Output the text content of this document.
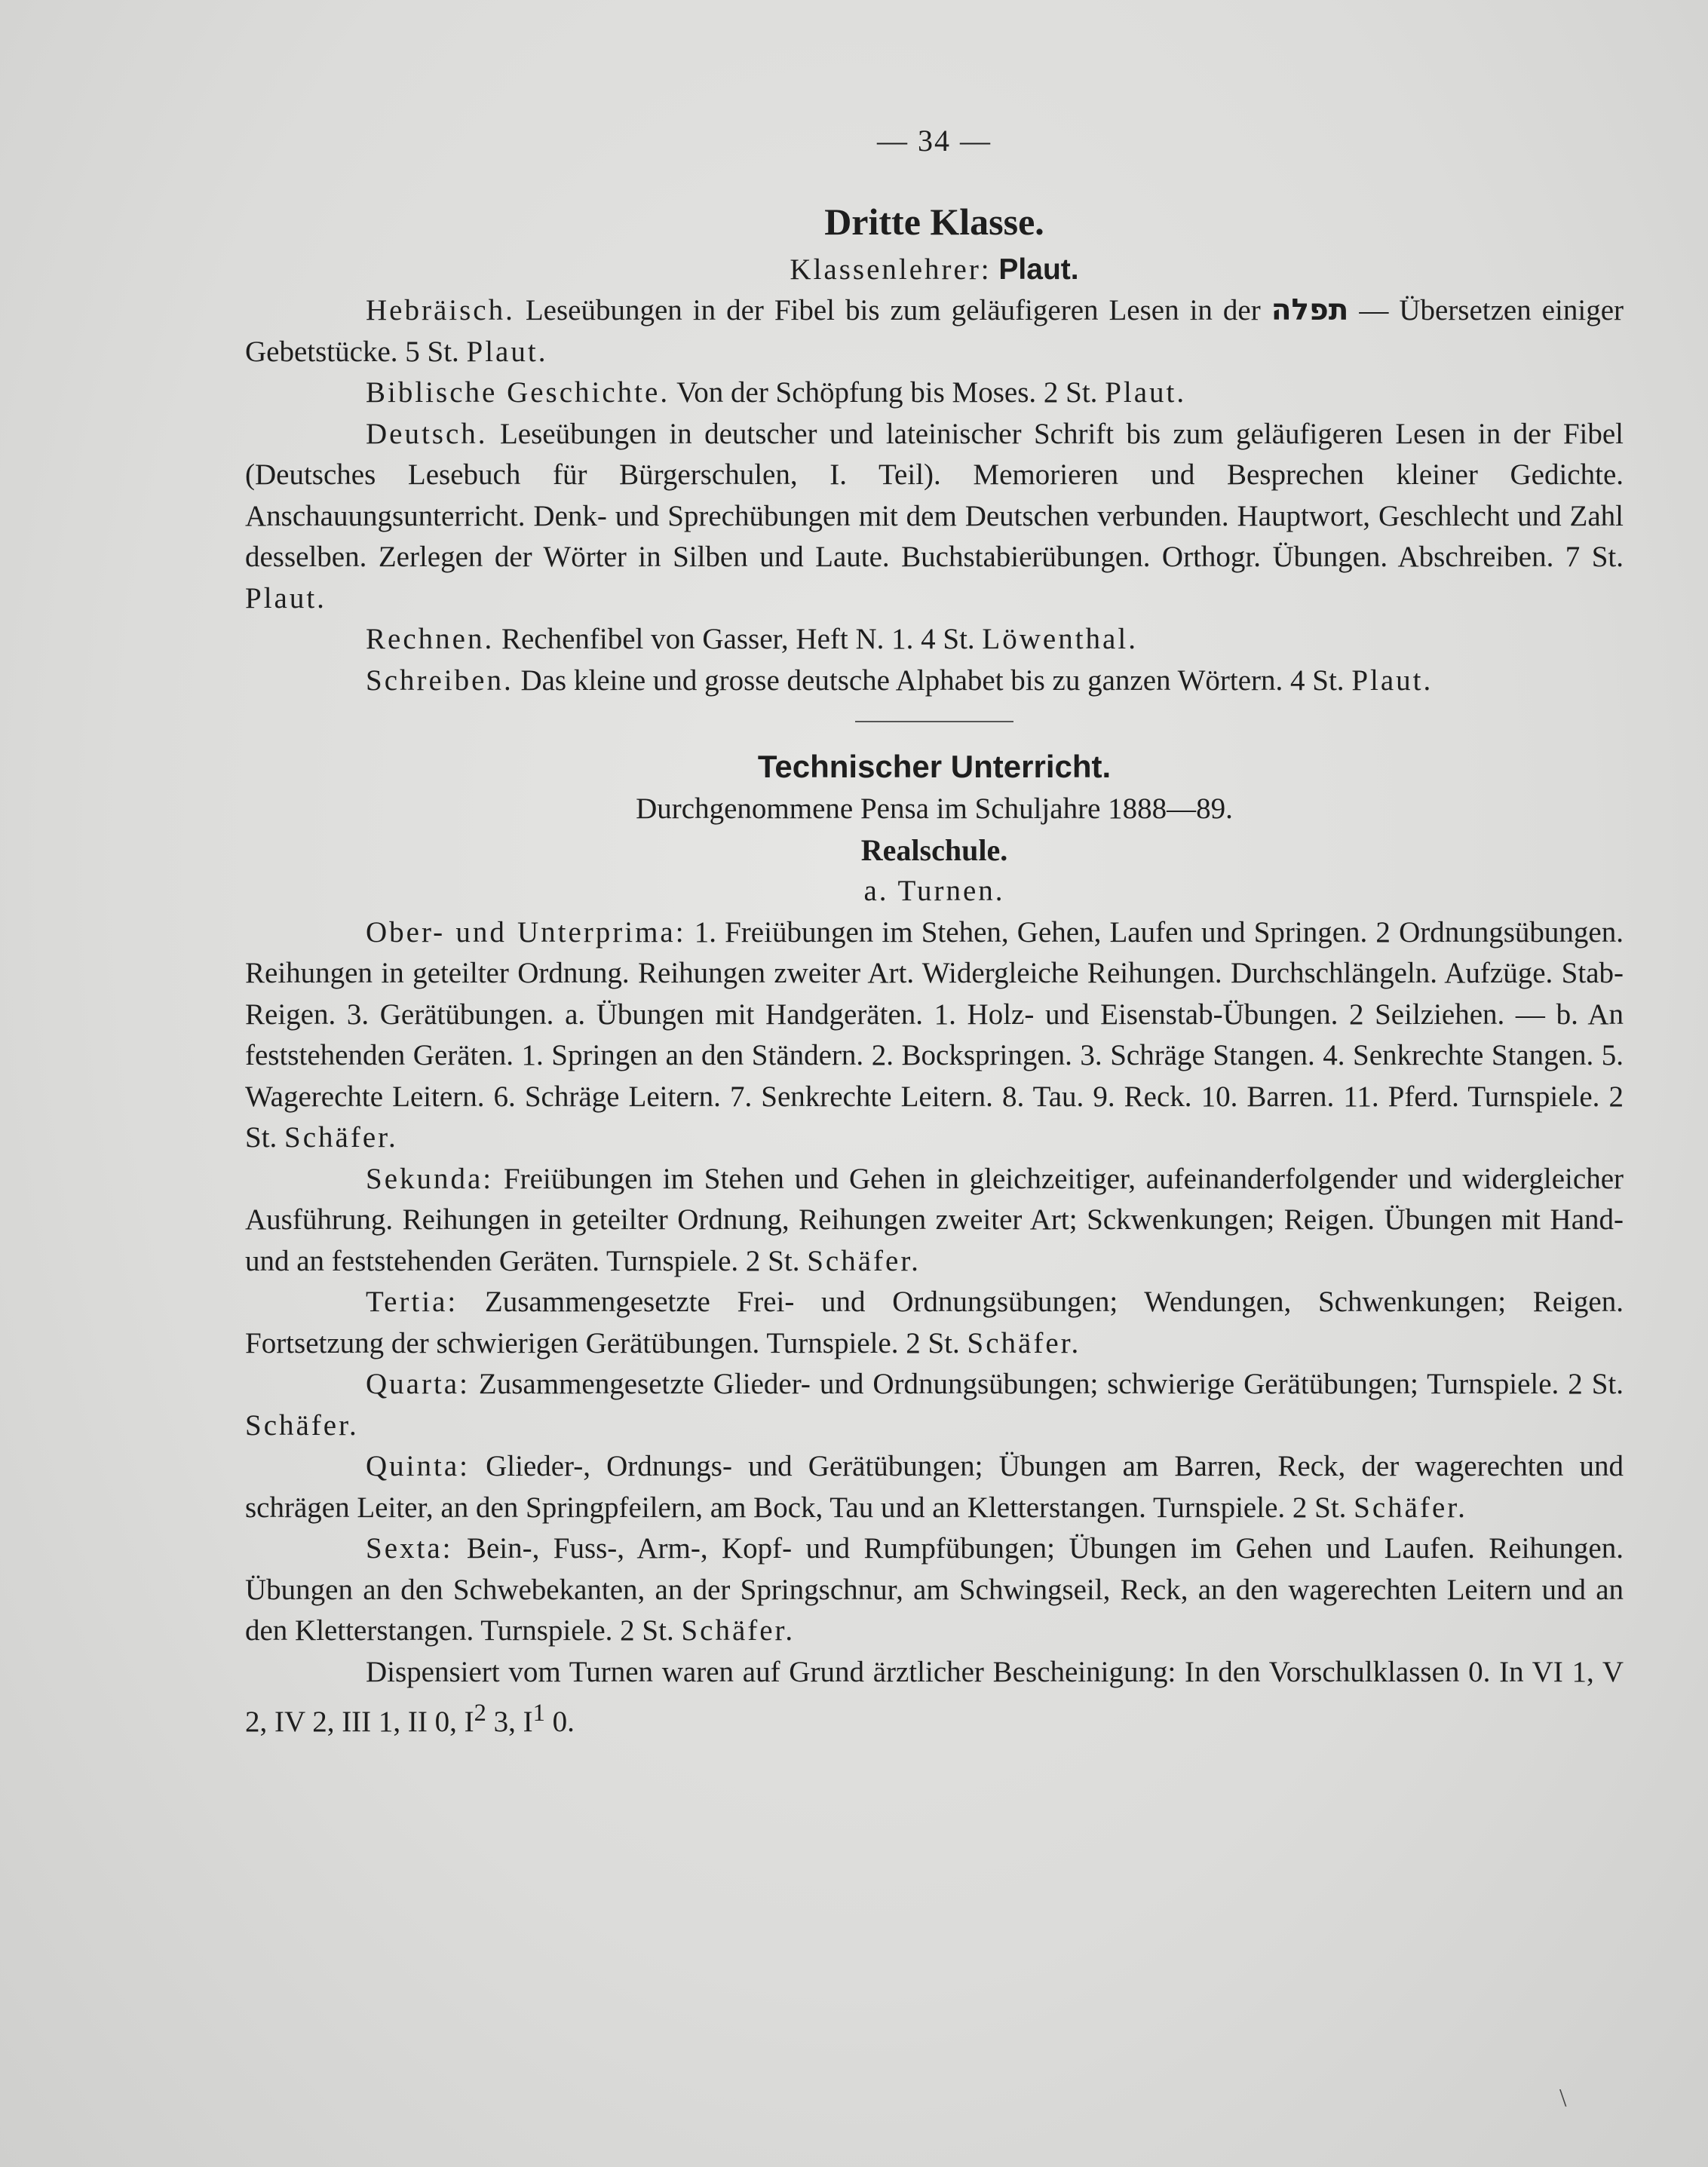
— 34 —
Dritte Klasse.
Klassenlehrer: Plaut.

Hebräisch. Leseübungen in der Fibel bis zum geläufigeren Lesen in der תפלה — Übersetzen einiger Gebetstücke. 5 St. Plaut.

Biblische Geschichte. Von der Schöpfung bis Moses. 2 St. Plaut.

Deutsch. Leseübungen in deutscher und lateinischer Schrift bis zum geläufigeren Lesen in der Fibel (Deutsches Lesebuch für Bürgerschulen, I. Teil). Memorieren und Besprechen kleiner Gedichte. Anschauungsunterricht. Denk- und Sprechübungen mit dem Deutschen verbunden. Hauptwort, Geschlecht und Zahl desselben. Zerlegen der Wörter in Silben und Laute. Buchstabierübungen. Orthogr. Übungen. Abschreiben. 7 St. Plaut.

Rechnen. Rechenfibel von Gasser, Heft N. 1. 4 St. Löwenthal.

Schreiben. Das kleine und grosse deutsche Alphabet bis zu ganzen Wörtern. 4 St. Plaut.

Technischer Unterricht.
Durchgenommene Pensa im Schuljahre 1888—89.
Realschule.
a. Turnen.

Ober- und Unterprima: 1. Freiübungen im Stehen, Gehen, Laufen und Springen. 2 Ordnungsübungen. Reihungen in geteilter Ordnung. Reihungen zweiter Art. Widergleiche Reihungen. Durchschlängeln. Aufzüge. Stab-Reigen. 3. Gerätübungen. a. Übungen mit Handgeräten. 1. Holz- und Eisenstab-Übungen. 2 Seilziehen. — b. An feststehenden Geräten. 1. Springen an den Ständern. 2. Bockspringen. 3. Schräge Stangen. 4. Senkrechte Stangen. 5. Wagerechte Leitern. 6. Schräge Leitern. 7. Senkrechte Leitern. 8. Tau. 9. Reck. 10. Barren. 11. Pferd. Turnspiele. 2 St. Schäfer.

Sekunda: Freiübungen im Stehen und Gehen in gleichzeitiger, aufeinanderfolgender und widergleicher Ausführung. Reihungen in geteilter Ordnung, Reihungen zweiter Art; Sckwenkungen; Reigen. Übungen mit Hand- und an feststehenden Geräten. Turnspiele. 2 St. Schäfer.

Tertia: Zusammengesetzte Frei- und Ordnungsübungen; Wendungen, Schwenkungen; Reigen. Fortsetzung der schwierigen Gerätübungen. Turnspiele. 2 St. Schäfer.

Quarta: Zusammengesetzte Glieder- und Ordnungsübungen; schwierige Gerätübungen; Turnspiele. 2 St. Schäfer.

Quinta: Glieder-, Ordnungs- und Gerätübungen; Übungen am Barren, Reck, der wagerechten und schrägen Leiter, an den Springpfeilern, am Bock, Tau und an Kletterstangen. Turnspiele. 2 St. Schäfer.

Sexta: Bein-, Fuss-, Arm-, Kopf- und Rumpfübungen; Übungen im Gehen und Laufen. Reihungen. Übungen an den Schwebekanten, an der Springschnur, am Schwingseil, Reck, an den wagerechten Leitern und an den Kletterstangen. Turnspiele. 2 St. Schäfer.

Dispensiert vom Turnen waren auf Grund ärztlicher Bescheinigung: In den Vorschulklassen 0. In VI 1, V 2, IV 2, III 1, II 0, $I^2$ 3, $I^1$ 0.

\
